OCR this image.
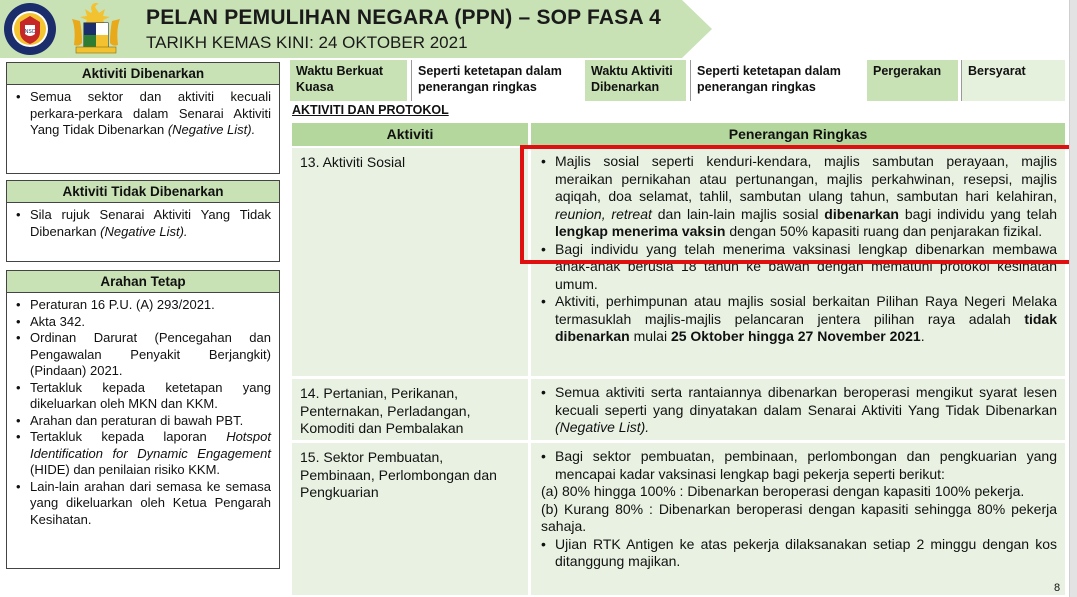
NSC
PELAN PEMULIHAN NEGARA (PPN) – SOP FASA 4
TARIKH KEMAS KINI: 24 OKTOBER 2021
Aktiviti Dibenarkan
• Semua sektor dan aktiviti kecuali perkara-perkara dalam Senarai Aktiviti Yang Tidak Dibenarkan (Negative List).
Aktiviti Tidak Dibenarkan
• Sila rujuk Senarai Aktiviti Yang Tidak Dibenarkan (Negative List).
Arahan Tetap
• Peraturan 16 P.U. (A) 293/2021.
• Akta 342.
• Ordinan Darurat (Pencegahan dan Pengawalan Penyakit Berjangkit) (Pindaan) 2021.
• Tertakluk kepada ketetapan yang dikeluarkan oleh MKN dan KKM.
• Arahan dan peraturan di bawah PBT.
• Tertakluk kepada laporan Hotspot Identification for Dynamic Engagement (HIDE) dan penilaian risiko KKM.
• Lain-lain arahan dari semasa ke semasa yang dikeluarkan oleh Ketua Pengarah Kesihatan.
Waktu Berkuat Kuasa
Seperti ketetapan dalam penerangan ringkas
Waktu Aktiviti Dibenarkan
Seperti ketetapan dalam penerangan ringkas
Pergerakan	Bersyarat
AKTIVITI DAN PROTOKOL
Aktiviti	Penerangan Ringkas
13. Aktiviti Sosial
•	Majlis sosial seperti kenduri-kendara, majlis sambutan perayaan, majlis meraikan pernikahan atau pertunangan, majlis perkahwinan, resepsi, majlis aqiqah, doa selamat, tahlil, sambutan ulang tahun, sambutan hari kelahiran, reunion, retreat dan lain-lain majlis sosial dibenarkan bagi individu yang telah lengkap menerima vaksin dengan 50% kapasiti ruang dan penjarakan fizikal.
• Bagi individu yang telah menerima vaksinasi lengkap dibenarkan membawa anak-anak berusia 18 tahun ke bawah dengan mematuhi protokol kesihatan umum.
• Aktiviti, perhimpunan atau majlis sosial berkaitan Pilihan Raya Negeri Melaka termasuklah majlis-majlis pelancaran jentera pilihan raya adalah tidak dibenarkan mulai 25 Oktober hingga 27 November 2021.
14. Pertanian, Perikanan, Penternakan, Perladangan, Komoditi dan Pembalakan
• Semua aktiviti serta rantaiannya dibenarkan beroperasi mengikut syarat lesen kecuali seperti yang dinyatakan dalam Senarai Aktiviti Yang Tidak Dibenarkan (Negative List).
15. Sektor Pembuatan, Pembinaan, Perlombongan dan Pengkuarian
• Bagi sektor pembuatan, pembinaan, perlombongan dan pengkuarian yang mencapai kadar vaksinasi lengkap bagi pekerja seperti berikut:
(a) 80% hingga 100% : Dibenarkan beroperasi dengan kapasiti 100% pekerja.
(b) Kurang 80% : Dibenarkan beroperasi dengan kapasiti sehingga 80% pekerja sahaja.
• Ujian RTK Antigen ke atas pekerja dilaksanakan setiap 2 minggu dengan kos ditanggung majikan.
8
